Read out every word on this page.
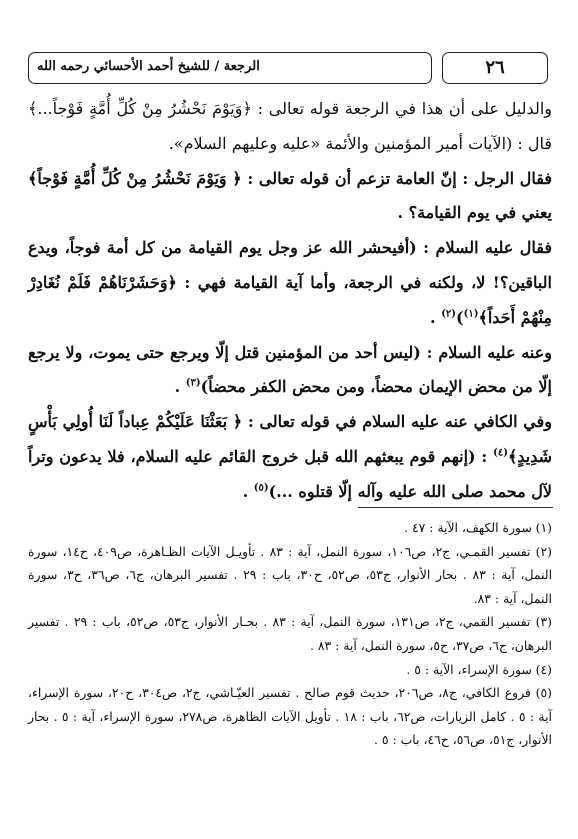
٢٦
الرجعة / للشيخ أحمد الأحسائي رحمه الله

والدليل على أن هذا في الرجعة قوله تعالى : ﴿وَيَوْمَ نَحْشُرُ مِنْ كُلِّ أُمَّةٍ فَوْجاً...﴾ قال : (الآيات أمير المؤمنين والأئمة «عليه وعليهم السلام».

فقال الرجل : إنّ العامة تزعم أن قوله تعالى : ﴿ وَيَوْمَ نَحْشُرُ مِنْ كُلِّ أُمَّةٍ فَوْجاً﴾ يعني في يوم القيامة؟ .

فقال عليه السلام : (أفيحشر الله عز وجل يوم القيامة من كل أمة فوجاً، ويدع الباقين؟! لا، ولكنه في الرجعة، وأما آية القيامة فهي : ﴿وَحَشَرْنَاهُمْ فَلَمْ نُغَادِرْ مِنْهُمْ أَحَداً﴾$^{(١)}$)$^{(٢)}$ .

وعنه عليه السلام : (ليس أحد من المؤمنين قتل إلّا ويرجع حتى يموت، ولا يرجع إلّا من محض الإيمان محضاً، ومن محض الكفر محضاً)$^{(٣)}$ .

وفي الكافي عنه عليه السلام في قوله تعالى : ﴿ بَعَثْنَا عَلَيْكُمْ عِباداً لَنَا أُولِي بَأْسٍ شَدِيدٍ﴾$^{(٤)}$ : (إنهم قوم يبعثهم الله قبل خروج القائم عليه السلام، فلا يدعون وتراً لآل محمد صلى الله عليه وآله إلّا قتلوه ...)$^{(٥)}$ .

(١) سورة الكهف، الآية : ٤٧ .

(٢) تفسير القمـي، ج٢، ص١٠٦، سورة النمل، آية : ٨٣ . تأويـل الآيات الظـاهرة، ص٤٠٩، ح١٤، سورة النمل، آية : ٨٣ . بحار الأنوار، ج٥٣، ص٥٢، ح٣٠، باب : ٢٩ . تفسير البرهان، ج٦، ص٣٦، ح٣، سورة النمل، آية : ٨٣.

(٣) تفسير القمي، ج٢، ص١٣١، سورة النمل، آية : ٨٣ . بحـار الأنوار، ج٥٣، ص٥٢، باب : ٢٩ . تفسير البرهان، ج٦، ص٣٧، ح٥، سورة النمل، آية : ٨٣ .

(٤) سورة الإسراء، الآية : ٥ .

(٥) فروع الكافي، ج٨، ص٢٠٦، حديث قوم صالح . تفسير العيّـاشي، ج٢، ص٣٠٤، ح٢٠، سورة الإسراء، آية : ٥ . كامل الزيارات، ص٦٢، باب : ١٨ . تأويل الآيات الظاهرة، ص٢٧٨، سورة الإسراء، آية : ٥ . بحار الأنوار، ج٥١، ص٥٦، ح٤٦، باب : ٥ .
